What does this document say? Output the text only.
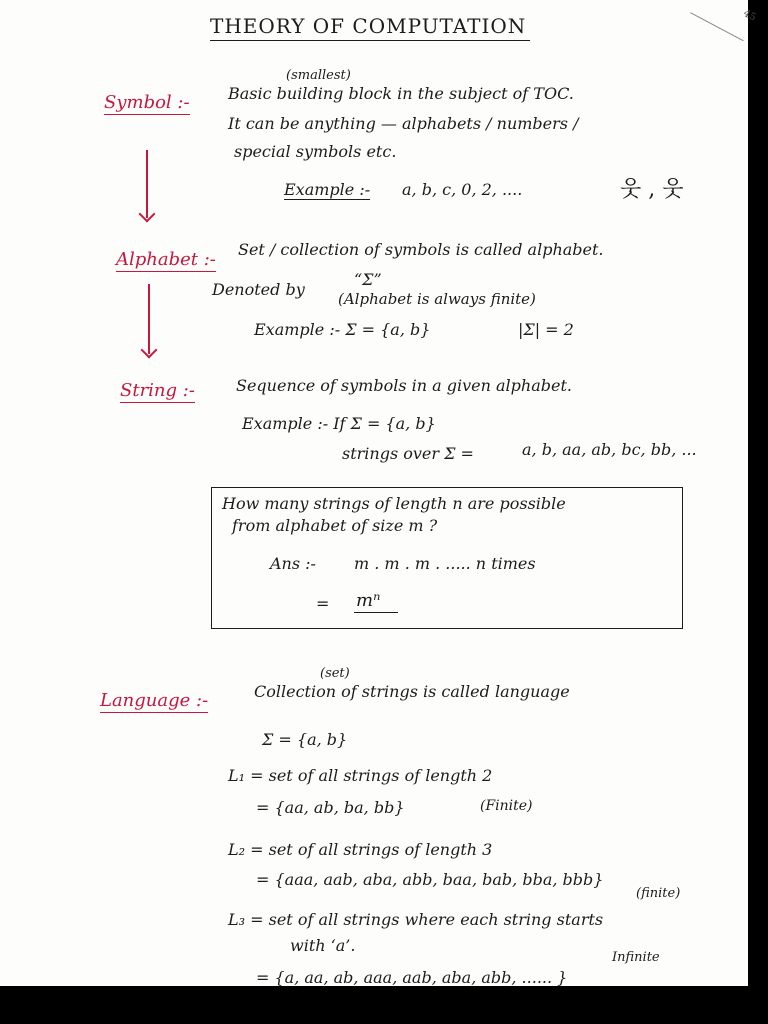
45
THEORY OF COMPUTATION
Symbol :-
(smallest)
Basic building block in the subject of TOC.
It can be anything — alphabets / numbers /
special symbols etc.
Example :- a, b, c, 0, 2, ....	웃 , 웃
Alphabet :- Set / collection of symbols is called alphabet.
Denoted by
“Σ”
(Alphabet is always finite)
Example :- Σ = {a, b}	|Σ| = 2
String :-	Sequence of symbols in a given alphabet.
Example :- If Σ = {a, b}
strings over Σ =	a, b, aa, ab, bc, bb, ...
How many strings of length n are possible
from alphabet of size m ?
Ans :- m . m . m . ..... n times
= mⁿ
Language :-
(set)
Collection of strings is called language
Σ = {a, b}
L₁ = set of all strings of length 2
= {aa, ab, ba, bb}	(Finite)
L₂ = set of all strings of length 3
= {aaa, aab, aba, abb, baa, bab, bba, bbb}
(finite)
L₃ = set of all strings where each string starts
with ‘a’.
Infinite
= {a, aa, ab, aaa, aab, aba, abb, ...... }
